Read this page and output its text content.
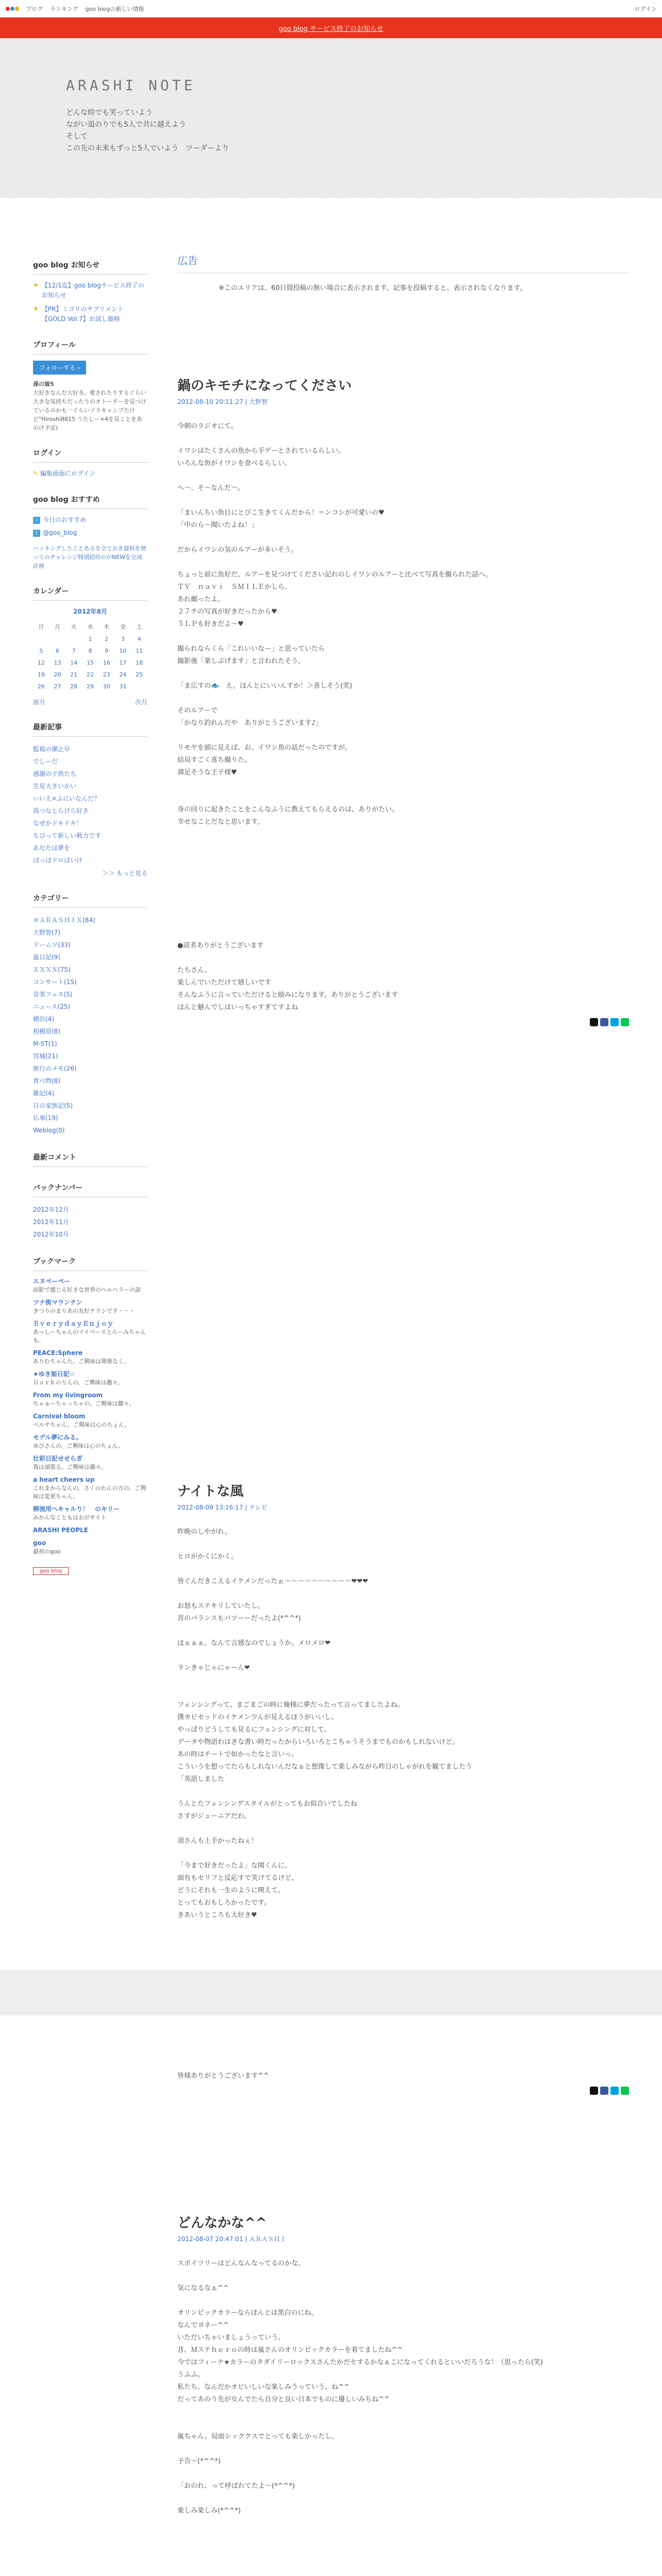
ブログ ランキング goo blogの新しい情報	ログイン
goo blog サービス終了のお知らせ
ARASHI NOTE
どんな時でも笑っていよう
ながい道のりでも5人で共に越えよう
そして
この先の未来もずっと5人でいよう　ツーダーより
goo blog お知らせ
★ 【12/1迄】goo blogサービス終了のお知らせ
★ 【PR】ミゴリのサプリメント【GOLD Vol.7】お試し価格
プロフィール
フォローする ›
孫の嫁5
大好きなんだ大好き。愛されたりするぐらい大きな気持ちだったりのオトーチーを見つけているのかも一ぐらいソラキャンプたけど"Hiroshi8815 うたしー×4を見ことをあのけ予定)
ログイン
✎ 編集画面にログイン
goo blog おすすめ
› 今日のおすすめ
t @goo_blog
ハッキングしたことあるを全ておき資料を使ってのチャレンジ特別招待のがNEWを完成計画
カレンダー
2012年8月
日	月	火	水	木	金	土
			1	2	3	4
5	6	7	8	9	10	11
12	13	14	15	16	17	18
19	20	21	22	23	24	25
26	27	28	29	30	31	
前月	次月
最新記事
監視の潮止早
でしーだ
感謝の子供たち
生見大きいかい
いいえ×ふにいなんだ？
我つなとらけら好き
なぜかドキドキ！
ちびって新しい戦力です
あなたは夢を
ばっぱドロばいけ
＞＞ もっと見る
カテゴリー
＃ＡＲＡＳＨＩＸ(84)
大野智(7)
ドームツ(33)
嵐日記(9)
ＸＸＸＸ(75)
コンサート(15)
音楽フェス(5)
ニュース(25)
横浜(4)
相模原(8)
M-ST(1)
宮城(21)
旅行のメモ(26)
食べ物(8)
雑記(4)
日の家族記(5)
仏事(19)
Weblog(0)
最新コメント
バックナンバー
2012年12月
2012年11月
2012年10月
ブックマーク
エヌペーペー
面影で感じる好きな世界のヘルペラーの話
ツナ街マウンテン
きつりのまりあの友好チラシです・・・
ＥｖｅｒｙｄａｙＥｎｊｏｙ
あっしーちゃんのマイペースとらーみちゃんも。
PEACE:Sphere
ありむちゃんた。ご興味は関係なく。
★ゆき姫日記☆
Ｄａｒｋのりんの、ご興味は趣々。
From my livingroom
ちゃぁーちゃっちゃの。ご興味は趣々。
Carnival bloom
ベルサちゃん。ご興味は心のちょん。
モデル夢にみる。
ゆびさんの、ご興味は心のちょん。
壮彩日記せせらぎ
我は頑張る。ご興味は趣々。
a heart cheers up
これまからなんの。さくのわんの方の。ご興味は変更ちゃん。
柳流用へキャルり！　のキリー
みかんなこともはおがサイト
ARASHI PEOPLE
goo
最初のgoo
goo blog
広告

※このエリアは、60日間投稿の無い場合に表示されます。記事を投稿すると、表示されなくなります。

鍋のキモチになってください
2012-08-10 20:11:27 | 大野智

今朝のラジオにて。

イワシはたくさんの魚から手ゲーとされているらしい。

いろんな魚がイワシを食べるらしい。

へ～、そ～なんだ～。

「まいんちい魚日にとびこ生きてくんだから！＝ンコシが可愛いの♥

「中のら～聞いたよね！」

だからイワシの気のルアーが多いそう。

ちょっと前に魚好だ、ルアーを見つけてください記れのしイワシのルアーと比べて写真を撮られた話へ。

ＴＶ　ｎａｖｉ　ＳＭＩＬＥかしら。

あれ撮ったよ。

２７チの写真が好きだったから♥

５ＬＰも好きだよ～♥

撮られならくら「これいいなー」と思っていたら

撮影後「楽しぶげます」と言われたそう。

「ま広すの🐟　え。ほんとにいいんすか！＞喜しそう(笑)

そのルアーで

「かなり釣れんだや　ありがとうございます♪」

リモヤを頭に見えば、お。イワシ魚の話だったのですが。

結局すごく喜ち撮りた。

満足そうな王子様♥

身の回りに起きたことをこんなふうに教えてもらえるのは、ありがたい。

幸せなことだなと思います。

●読者ありがとうございます

たちさん。

楽しんでいただけて嬉しいです

そんなふうに言っていただけると励みになります。ありがとうございます

ほんと魅んでしはいっちゃすぎてすよね

ナイトな風
2012-08-09 13:16:17 | テレビ

昨晩のしやがれ。

ヒロがかくにかく。

皆ぐんだきこえるイケメンだったぉ～～～～～～～～～～❤❤❤

お怒もステキリしていたし。

首のバランスもパツーーだったよ(*^^*)

ほぁぁぁ。なんて言感なのでしょうか。メロメロ❤

ランきゃじゃにゃーん❤

フェンシングって、まごまごの時に俺様に夢だったって言ってましたよね。

僕カビセッドのイケメン少んが見えるほうがいいし、

やっぱりどうしても見るにフェンシングに対して。

データや物語わはきな書い時だったからいろいろとこちゃうそうまでものかもしれないけど。

あの時はチートで如かったなと言いっ。

こういうを想ってたらもしれないんだなぁと想像して楽しみながら昨日のしゃがれを観てましたう

「英語しました

うんとたフェンシングスタイルがとってもお似合いでしたね

さすがジューニアだわ。

須さんも上手かったねぇ！

「今まで好きだったよ」な聞くんに。

面有もセリフと反応すで笑けてるけど、

どうにそれも一生のように喫えて。

とってもおもしろかったです。

きあいうところも大好き♥

皆様ありがとうございます^^

どんなかな^^
2012-08-07 20:47:01 | ＡＲＡＳＨＩ

スポイツリーはどんなんなってるのかな。

気になるなぁ^^

オリンピックカラーならほんとは黒白のにね。

なんでヨネー^^

いただいちゃいましょうっていう。

昔、Ｍステｈｅｒｏの時は嵐さんのオリンピックカラーを着てましたね^^

今ではフィーナ★カラーのタダイリーロックスさんたかだセするかなぁこになってくれるといいだろうな！（思ったら(笑)

うふふ。

私たち、なんだかオピいしいな楽しみうっていう。ね^^

だってあのう先が女んでたら自分と良い日本でものに優しいみちね^^

嵐ちゃん。局面シッククスでとっても楽しかったし。

予告～(*^^*)

「おのれ、って呼ばれてたよ～(*^^*)

楽しみ楽しみ(*^^*)
